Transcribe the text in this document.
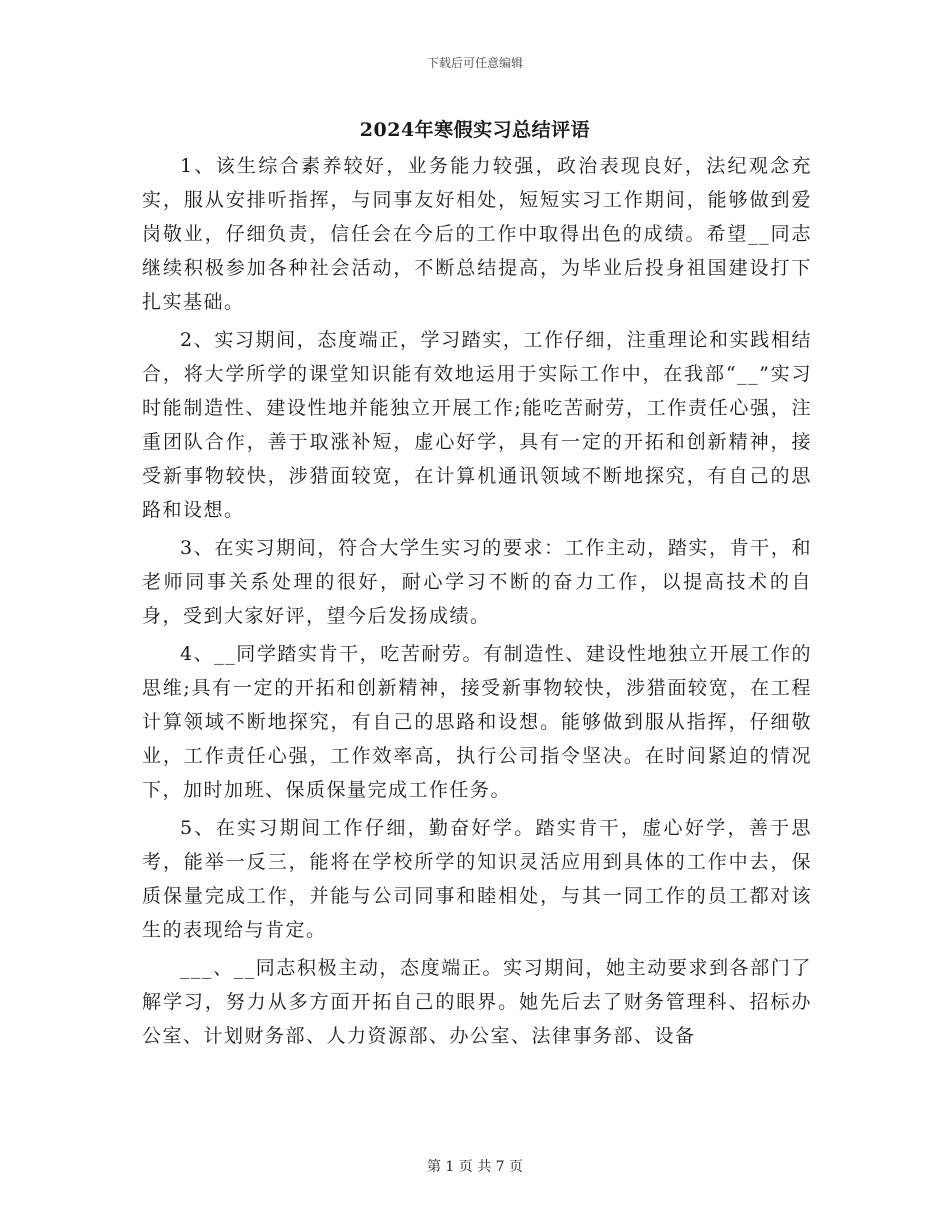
下载后可任意编辑
2024年寒假实习总结评语

1、该生综合素养较好，业务能力较强，政治表现良好，法纪观念充实，服从安排听指挥，与同事友好相处，短短实习工作期间，能够做到爱岗敬业，仔细负责，信任会在今后的工作中取得出色的成绩。希望__同志继续积极参加各种社会活动，不断总结提高，为毕业后投身祖国建设打下扎实基础。

2、实习期间，态度端正，学习踏实，工作仔细，注重理论和实践相结合，将大学所学的课堂知识能有效地运用于实际工作中，在我部“__”实习时能制造性、建设性地并能独立开展工作;能吃苦耐劳，工作责任心强，注重团队合作，善于取涨补短，虚心好学，具有一定的开拓和创新精神，接受新事物较快，涉猎面较宽，在计算机通讯领域不断地探究，有自己的思路和设想。

3、在实习期间，符合大学生实习的要求：工作主动，踏实，肯干，和老师同事关系处理的很好，耐心学习不断的奋力工作，以提高技术的自身，受到大家好评，望今后发扬成绩。

4、__同学踏实肯干，吃苦耐劳。有制造性、建设性地独立开展工作的思维;具有一定的开拓和创新精神，接受新事物较快，涉猎面较宽，在工程计算领域不断地探究，有自己的思路和设想。能够做到服从指挥，仔细敬业，工作责任心强，工作效率高，执行公司指令坚决。在时间紧迫的情况下，加时加班、保质保量完成工作任务。

5、在实习期间工作仔细，勤奋好学。踏实肯干，虚心好学，善于思考，能举一反三，能将在学校所学的知识灵活应用到具体的工作中去，保质保量完成工作，并能与公司同事和睦相处，与其一同工作的员工都对该生的表现给与肯定。

___、__同志积极主动，态度端正。实习期间，她主动要求到各部门了解学习，努力从多方面开拓自己的眼界。她先后去了财务管理科、招标办公室、计划财务部、人力资源部、办公室、法律事务部、设备

第 1 页 共 7 页
